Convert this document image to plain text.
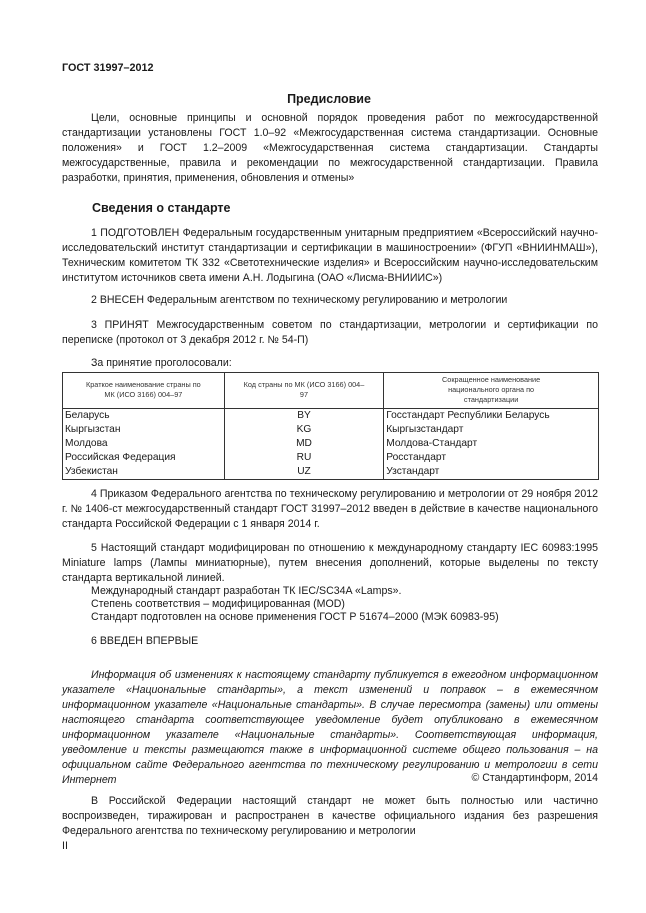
ГОСТ 31997–2012
Предисловие

Цели, основные принципы и основной порядок проведения работ по межгосударственной стандартизации установлены ГОСТ 1.0–92 «Межгосударственная система стандартизации. Основные положения» и ГОСТ 1.2–2009 «Межгосударственная система стандартизации. Стандарты межгосударственные, правила и рекомендации по межгосударственной стандартизации. Правила разработки, принятия, применения, обновления и отмены»

Сведения о стандарте

1 ПОДГОТОВЛЕН Федеральным государственным унитарным предприятием «Всероссийский научно-исследовательский институт стандартизации и сертификации в машиностроении» (ФГУП «ВНИИНМАШ»), Техническим комитетом ТК 332 «Светотехнические изделия» и Всероссийским научно-исследовательским институтом источников света имени А.Н. Лодыгина (ОАО «Лисма-ВНИИИС»)

2 ВНЕСЕН Федеральным агентством по техническому регулированию и метрологии

3 ПРИНЯТ Межгосударственным советом по стандартизации, метрологии и сертификации по переписке (протокол от 3 декабря 2012 г. № 54-П)

За принятие проголосовали:

Краткое наименование страны по МК (ИСО 3166) 004–97	Код страны по МК (ИСО 3166) 004–97	Сокращенное наименование национального органа по стандартизации
Беларусь	BY	Госстандарт Республики Беларусь
Кыргызстан	KG	Кыргызстандарт
Молдова	MD	Молдова-Стандарт
Российская Федерация	RU	Росстандарт
Узбекистан	UZ	Узстандарт

4 Приказом Федерального агентства по техническому регулированию и метрологии от 29 ноября 2012 г. № 1406-ст межгосударственный стандарт ГОСТ 31997–2012 введен в действие в качестве национального стандарта Российской Федерации с 1 января 2014 г.

5 Настоящий стандарт модифицирован по отношению к международному стандарту IEC 60983:1995 Miniature lamps (Лампы миниатюрные), путем внесения дополнений, которые выделены по тексту стандарта вертикальной линией.

Международный стандарт разработан ТК IEC/SC34A «Lamps».

Степень соответствия – модифицированная (MOD)

Стандарт подготовлен на основе применения ГОСТ Р 51674–2000 (МЭК 60983-95)

6 ВВЕДЕН ВПЕРВЫЕ

Информация об изменениях к настоящему стандарту публикуется в ежегодном информационном указателе «Национальные стандарты», а текст изменений и поправок – в ежемесячном информационном указателе «Национальные стандарты». В случае пересмотра (замены) или отмены настоящего стандарта соответствующее уведомление будет опубликовано в ежемесячном информационном указателе «Национальные стандарты». Соответствующая информация, уведомление и тексты размещаются также в информационной системе общего пользования – на официальном сайте Федерального агентства по техническому регулированию и метрологии в сети Интернет	© Стандартинформ, 2014

В Российской Федерации настоящий стандарт не может быть полностью или частично воспроизведен, тиражирован и распространен в качестве официального издания без разрешения Федерального агентства по техническому регулированию и метрологии

II
